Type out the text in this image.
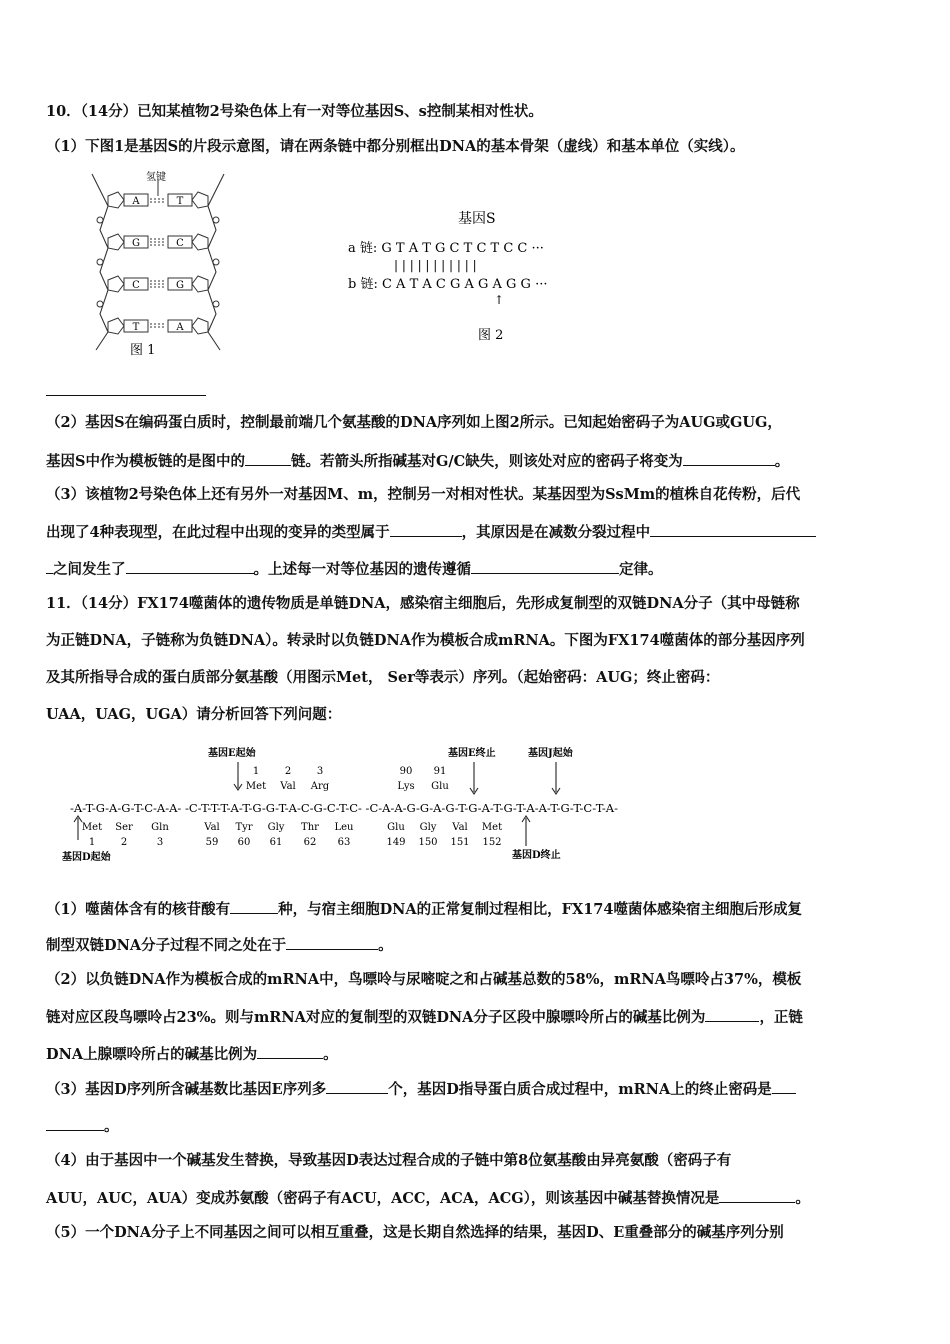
10．（14分）已知某植物2号染色体上有一对等位基因S、s控制某相对性状。
（1）下图1是基因S的片段示意图，请在两条链中都分别框出DNA的基本骨架（虚线）和基本单位（实线）。
氢键
A	T
G	C
C	G
T	A
图 1
基因S
a 链: G T A T G C T C T C C ···
| | | | | | | | | | |
b 链: C A T A C G A G A G G ···
↑
图 2
（2）基因S在编码蛋白质时，控制最前端几个氨基酸的DNA序列如上图2所示。已知起始密码子为AUG或GUG，
基因S中作为模板链的是图中的	链。若箭头所指碱基对G/C缺失，则该处对应的密码子将变为	。
（3）该植物2号染色体上还有另外一对基因M、m，控制另一对相对性状。某基因型为SsMm的植株自花传粉，后代
出现了4种表现型，在此过程中出现的变异的类型属于	，其原因是在减数分裂过程中
之间发生了	。上述每一对等位基因的遗传遵循	定律。
11．（14分）FX174噬菌体的遗传物质是单链DNA，感染宿主细胞后，先形成复制型的双链DNA分子（其中母链称
为正链DNA，子链称为负链DNA）。转录时以负链DNA作为模板合成mRNA。下图为FX174噬菌体的部分基因序列
及其所指导合成的蛋白质部分氨基酸（用图示Met， Ser等表示）序列。（起始密码：AUG；终止密码：
UAA，UAG，UGA）请分析回答下列问题：
基因E起始	基因E终止	基因J起始
1	2	3	90 91
Met Val Arg	Lys Glu
-A-T-G-A-G-T-C-A-A- -C-T-T-T-A-T-G-G-T-A-C-G-C-T-C- -C-A-A-G-G-A-G-T-G-A-T-G-T-A-A-T-G-T-C-T-A-
Met Ser Gln	Val Tyr Gly Thr Leu	Glu Gly Val Met
1	2	3	59 60 61 62 63	149 150 151 152
基因D起始	基因D终止
（1）噬菌体含有的核苷酸有	种，与宿主细胞DNA的正常复制过程相比，FX174噬菌体感染宿主细胞后形成复
制型双链DNA分子过程不同之处在于	。
（2）以负链DNA作为模板合成的mRNA中，鸟嘌呤与尿嘧啶之和占碱基总数的58%，mRNA鸟嘌呤占37%，模板
链对应区段鸟嘌呤占23%。则与mRNA对应的复制型的双链DNA分子区段中腺嘌呤所占的碱基比例为	，正链
DNA上腺嘌呤所占的碱基比例为	。
（3）基因D序列所含碱基数比基因E序列多	个，基因D指导蛋白质合成过程中，mRNA上的终止密码是
。
（4）由于基因中一个碱基发生替换，导致基因D表达过程合成的子链中第8位氨基酸由异亮氨酸（密码子有
AUU，AUC，AUA）变成苏氨酸（密码子有ACU，ACC，ACA，ACG），则该基因中碱基替换情况是	。
（5）一个DNA分子上不同基因之间可以相互重叠，这是长期自然选择的结果，基因D、E重叠部分的碱基序列分别
